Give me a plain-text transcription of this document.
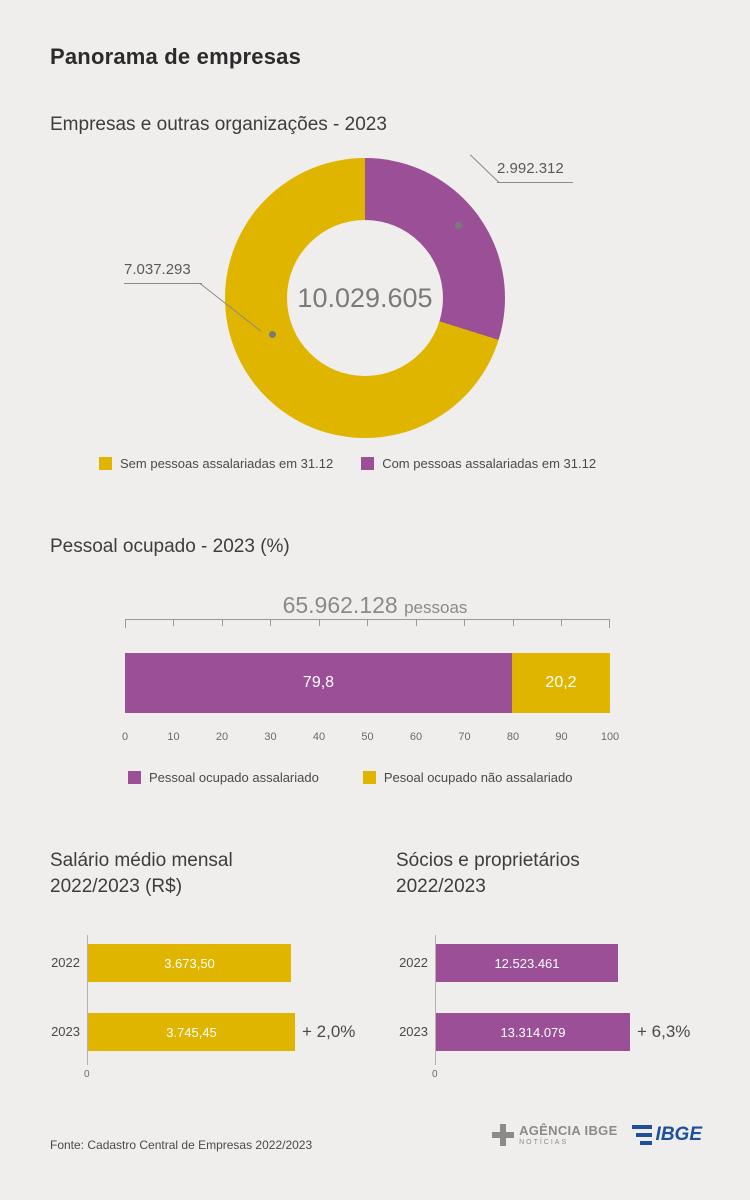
Panorama de empresas
Empresas e outras organizações - 2023
10.029.605
2.992.312
7.037.293
Sem pessoas assalariadas em 31.12	Com pessoas assalariadas em 31.12
Pessoal ocupado - 2023 (%)
65.962.128 pessoas
79,8	20,2
0	10	20	30	40	50	60	70	80	90	100
Pessoal ocupado assalariado	Pesoal ocupado não assalariado
Salário médio mensal
2022/2023 (R$)
2022	3.673,50
2023	3.745,45	+ 2,0%
0
Sócios e proprietários
2022/2023
2022	12.523.461
2023	13.314.079	+ 6,3%
0
Fonte: Cadastro Central de Empresas 2022/2023
AGÊNCIA IBGE
NOTÍCIAS	IBGE
